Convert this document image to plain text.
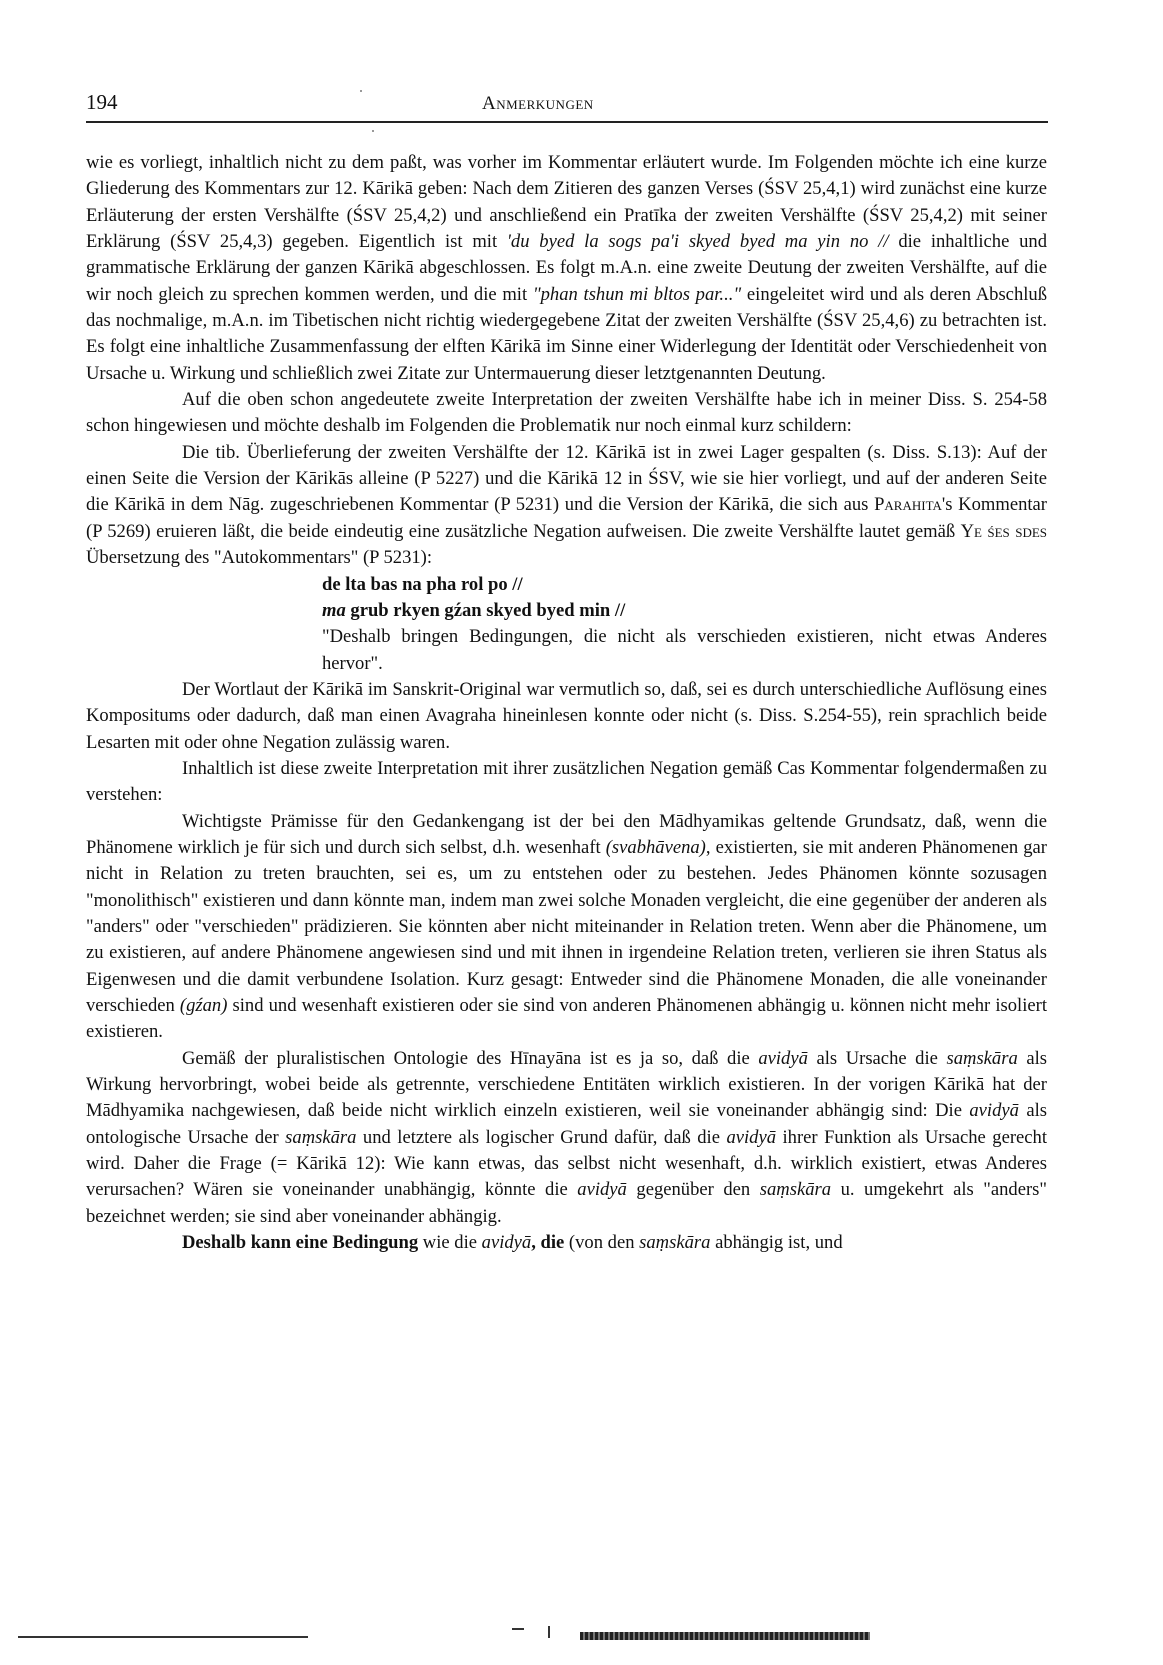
194	Anmerkungen

wie es vorliegt, inhaltlich nicht zu dem paßt, was vorher im Kommentar erläutert wurde. Im Folgenden möchte ich eine kurze Gliederung des Kommentars zur 12. Kārikā geben: Nach dem Zitieren des ganzen Verses (ŚSV 25,4,1) wird zunächst eine kurze Erläuterung der ersten Vershälfte (ŚSV 25,4,2) und anschließend ein Pratīka der zweiten Vershälfte (ŚSV 25,4,2) mit seiner Erklärung (ŚSV 25,4,3) gegeben. Eigentlich ist mit 'du byed la sogs pa'i skyed byed ma yin no // die inhaltliche und grammatische Erklärung der ganzen Kārikā abgeschlossen. Es folgt m.A.n. eine zweite Deutung der zweiten Vershälfte, auf die wir noch gleich zu sprechen kommen werden, und die mit "phan tshun mi bltos par..." eingeleitet wird und als deren Abschluß das nochmalige, m.A.n. im Tibetischen nicht richtig wiedergegebene Zitat der zweiten Vershälfte (ŚSV 25,4,6) zu betrachten ist. Es folgt eine inhaltliche Zusammenfassung der elften Kārikā im Sinne einer Widerlegung der Identität oder Verschiedenheit von Ursache u. Wirkung und schließlich zwei Zitate zur Untermauerung dieser letztgenannten Deutung.

Auf die oben schon angedeutete zweite Interpretation der zweiten Vershälfte habe ich in meiner Diss. S. 254-58 schon hingewiesen und möchte deshalb im Folgenden die Problematik nur noch einmal kurz schildern:

Die tib. Überlieferung der zweiten Vershälfte der 12. Kārikā ist in zwei Lager gespalten (s. Diss. S.13): Auf der einen Seite die Version der Kārikās alleine (P 5227) und die Kārikā 12 in ŚSV, wie sie hier vorliegt, und auf der anderen Seite die Kārikā in dem Nāg. zugeschriebenen Kommentar (P 5231) und die Version der Kārikā, die sich aus Parahita's Kommentar (P 5269) eruieren läßt, die beide eindeutig eine zusätzliche Negation aufweisen. Die zweite Vershälfte lautet gemäß Ye śes sdes Übersetzung des "Autokommentars" (P 5231):

de lta bas na pha rol po //

ma grub rkyen gźan skyed byed min //

"Deshalb bringen Bedingungen, die nicht als verschieden existieren, nicht etwas Anderes hervor".

Der Wortlaut der Kārikā im Sanskrit-Original war vermutlich so, daß, sei es durch unterschiedliche Auflösung eines Kompositums oder dadurch, daß man einen Avagraha hineinlesen konnte oder nicht (s. Diss. S.254-55), rein sprachlich beide Lesarten mit oder ohne Negation zulässig waren.

Inhaltlich ist diese zweite Interpretation mit ihrer zusätzlichen Negation gemäß Cas Kommentar folgendermaßen zu verstehen:

Wichtigste Prämisse für den Gedankengang ist der bei den Mādhyamikas geltende Grundsatz, daß, wenn die Phänomene wirklich je für sich und durch sich selbst, d.h. wesenhaft (svabhāvena), existierten, sie mit anderen Phänomenen gar nicht in Relation zu treten brauchten, sei es, um zu entstehen oder zu bestehen. Jedes Phänomen könnte sozusagen "monolithisch" existieren und dann könnte man, indem man zwei solche Monaden vergleicht, die eine gegenüber der anderen als "anders" oder "verschieden" prädizieren. Sie könnten aber nicht miteinander in Relation treten. Wenn aber die Phänomene, um zu existieren, auf andere Phänomene angewiesen sind und mit ihnen in irgendeine Relation treten, verlieren sie ihren Status als Eigenwesen und die damit verbundene Isolation. Kurz gesagt: Entweder sind die Phänomene Monaden, die alle voneinander verschieden (gźan) sind und wesenhaft existieren oder sie sind von anderen Phänomenen abhängig u. können nicht mehr isoliert existieren.

Gemäß der pluralistischen Ontologie des Hīnayāna ist es ja so, daß die avidyā als Ursache die saṃskāra als Wirkung hervorbringt, wobei beide als getrennte, verschiedene Entitäten wirklich existieren. In der vorigen Kārikā hat der Mādhyamika nachgewiesen, daß beide nicht wirklich einzeln existieren, weil sie voneinander abhängig sind: Die avidyā als ontologische Ursache der saṃskāra und letztere als logischer Grund dafür, daß die avidyā ihrer Funktion als Ursache gerecht wird. Daher die Frage (= Kārikā 12): Wie kann etwas, das selbst nicht wesenhaft, d.h. wirklich existiert, etwas Anderes verursachen? Wären sie voneinander unabhängig, könnte die avidyā gegenüber den saṃskāra u. umgekehrt als "anders" bezeichnet werden; sie sind aber voneinander abhängig.

Deshalb kann eine Bedingung wie die avidyā, die (von den saṃskāra abhängig ist, und
